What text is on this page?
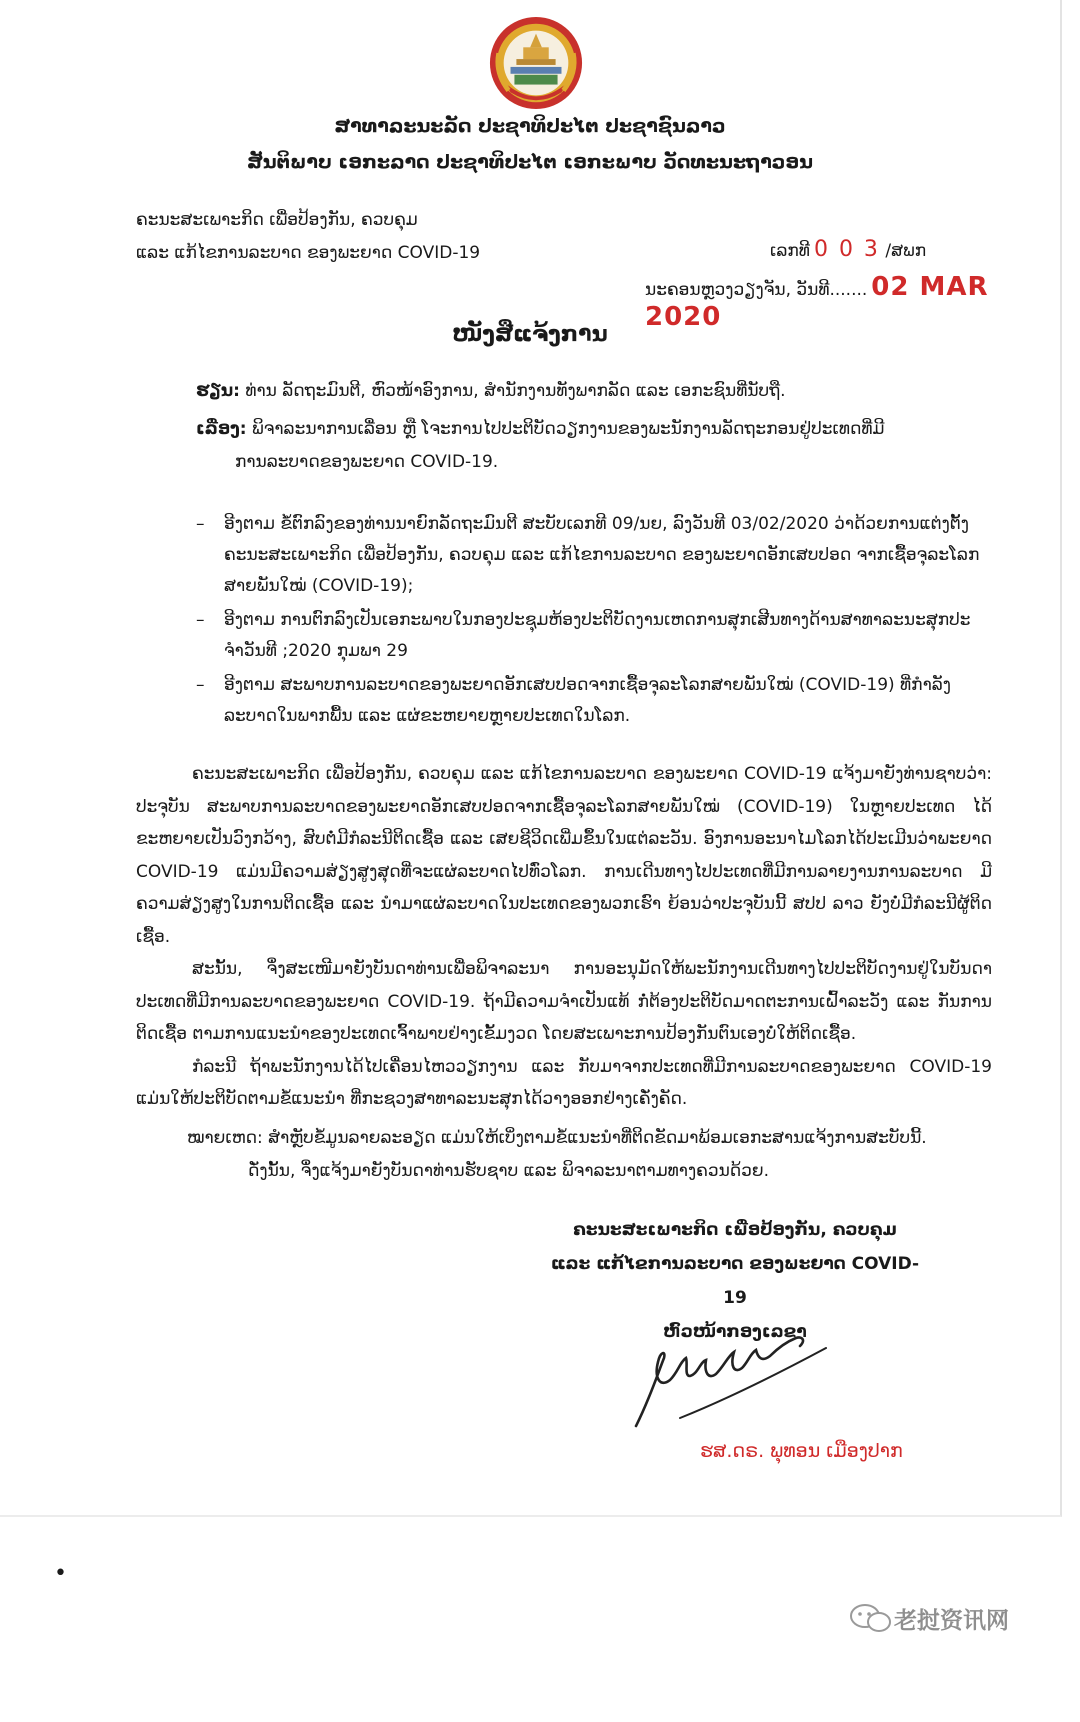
ສາທາລະນະລັດ ປະຊາທິປະໄຕ ປະຊາຊົນລາວ
ສັນຕິພາບ ເອກະລາດ ປະຊາທິປະໄຕ ເອກະພາບ ວັດທະນະຖາວອນ
ຄະນະສະເພາະກິດ ເພື່ອປ້ອງກັນ, ຄວບຄຸມ
ແລະ ແກ້ໄຂການລະບາດ ຂອງພະຍາດ COVID-19	ເລກທີ 0 0 3 /ສພກ
ນະຄອນຫຼວງວຽງຈັນ, ວັນທີ....... 02 MAR 2020
ໜັງສືແຈ້ງການ
ຮຽນ: ທ່ານ ລັດຖະມົນຕີ, ຫົວໜ້າອົງການ, ສໍານັກງານທັງພາກລັດ ແລະ ເອກະຊົນທີ່ນັບຖື.
ເລື່ອງ: ພິຈາລະນາການເລື່ອນ ຫຼື ໂຈະການໄປປະຕິບັດວຽກງານຂອງພະນັກງານລັດຖະກອນຢູ່ປະເທດທີ່ມີ
ການລະບາດຂອງພະຍາດ COVID-19.
– ອີງຕາມ ຂໍ້ຕົກລົງຂອງທ່ານນາຍົກລັດຖະມົນຕີ ສະບັບເລກທີ 09/ນຍ, ລົງວັນທີ 03/02/2020 ວ່າດ້ວຍການແຕ່ງຕັ້ງ ຄະນະສະເພາະກິດ ເພື່ອປ້ອງກັນ, ຄວບຄຸມ ແລະ ແກ້ໄຂການລະບາດ ຂອງພະຍາດອັກເສບປອດ ຈາກເຊື້ອຈຸລະໂລກສາຍພັນໃໝ່ (COVID-19);
– ອີງຕາມ ການຕົກລົງເປັນເອກະພາບໃນກອງປະຊຸມຫ້ອງປະຕິບັດງານເຫດການສຸກເສີນທາງດ້ານສາທາລະນະສຸກປະຈໍາວັນທີ ;2020 ກຸມພາ 29
– ອີງຕາມ ສະພາບການລະບາດຂອງພະຍາດອັກເສບປອດຈາກເຊື້ອຈຸລະໂລກສາຍພັນໃໝ່ (COVID-19) ທີ່ກໍາລັງລະບາດໃນພາກພື້ນ ແລະ ແຜ່ຂະຫຍາຍຫຼາຍປະເທດໃນໂລກ.

ຄະນະສະເພາະກິດ ເພື່ອປ້ອງກັນ, ຄວບຄຸມ ແລະ ແກ້ໄຂການລະບາດ ຂອງພະຍາດ COVID-19 ແຈ້ງມາຍັງທ່ານຊາບວ່າ: ປະຈຸບັນ ສະພາບການລະບາດຂອງພະຍາດອັກເສບປອດຈາກເຊື້ອຈຸລະໂລກສາຍພັນໃໝ່ (COVID-19) ໃນຫຼາຍປະເທດ ໄດ້ຂະຫຍາຍເປັນວົງກວ້າງ, ສົບຕໍ່ມີກໍລະນີຕິດເຊື້ອ ແລະ ເສຍຊີວິດເພີ່ມຂຶ້ນໃນແຕ່ລະວັນ. ອົງການອະນາໄມໂລກໄດ້ປະເມີນວ່າພະຍາດ COVID-19 ແມ່ນມີຄວາມສ່ຽງສູງສຸດທີ່ຈະແຜ່ລະບາດໄປທົ່ວໂລກ. ການເດີນທາງໄປປະເທດທີ່ມີການລາຍງານການລະບາດ ມີຄວາມສ່ຽງສູງໃນການຕິດເຊື້ອ ແລະ ນໍາມາແຜ່ລະບາດໃນປະເທດຂອງພວກເຮົາ ຍ້ອນວ່າປະຈຸບັນນີ້ ສປປ ລາວ ຍັງບໍ່ມີກໍລະນີຜູ້ຕິດເຊື້ອ.

ສະນັ້ນ, ຈຶ່ງສະເໜີມາຍັງບັນດາທ່ານເພື່ອພິຈາລະນາ ການອະນຸມັດໃຫ້ພະນັກງານເດີນທາງໄປປະຕິບັດງານຢູ່ໃນບັນດາປະເທດທີ່ມີການລະບາດຂອງພະຍາດ COVID-19. ຖ້າມີຄວາມຈໍາເປັນແທ້ ກໍ່ຕ້ອງປະຕິບັດມາດຕະການເຝົ້າລະວັງ ແລະ ກັນການຕິດເຊື້ອ ຕາມການແນະນໍາຂອງປະເທດເຈົ້າພາບຢ່າງເຂັ້ມງວດ ໂດຍສະເພາະການປ້ອງກັນຕົນເອງບໍ່ໃຫ້ຕິດເຊື້ອ.

ກໍລະນີ ຖ້າພະນັກງານໄດ້ໄປເຄື່ອນໄຫວວຽກງານ ແລະ ກັບມາຈາກປະເທດທີ່ມີການລະບາດຂອງພະຍາດ COVID-19 ແມ່ນໃຫ້ປະຕິບັດຕາມຂໍ້ແນະນໍາ ທີ່ກະຊວງສາທາລະນະສຸກໄດ້ວາງອອກຢ່າງເຄັ່ງຄັດ.

ໝາຍເຫດ: ສໍາຫຼັບຂໍ້ມູນລາຍລະອຽດ ແມ່ນໃຫ້ເບິ່ງຕາມຂໍ້ແນະນໍາທີ່ຕິດຂັດມາພ້ອມເອກະສານແຈ້ງການສະບັບນີ້.
ດັ່ງນັ້ນ, ຈຶ່ງແຈ້ງມາຍັງບັນດາທ່ານຮັບຊາບ ແລະ ພິຈາລະນາຕາມທາງຄວນດ້ວຍ.
ຄະນະສະເພາະກິດ ເພື່ອປ້ອງກັນ, ຄວບຄຸມ
ແລະ ແກ້ໄຂການລະບາດ ຂອງພະຍາດ COVID-19
ຫົວໜ້າກອງເລຂາ
ຮສ.ດຣ. ພຸທອນ ເມືອງປາກ
•
老挝资讯网
